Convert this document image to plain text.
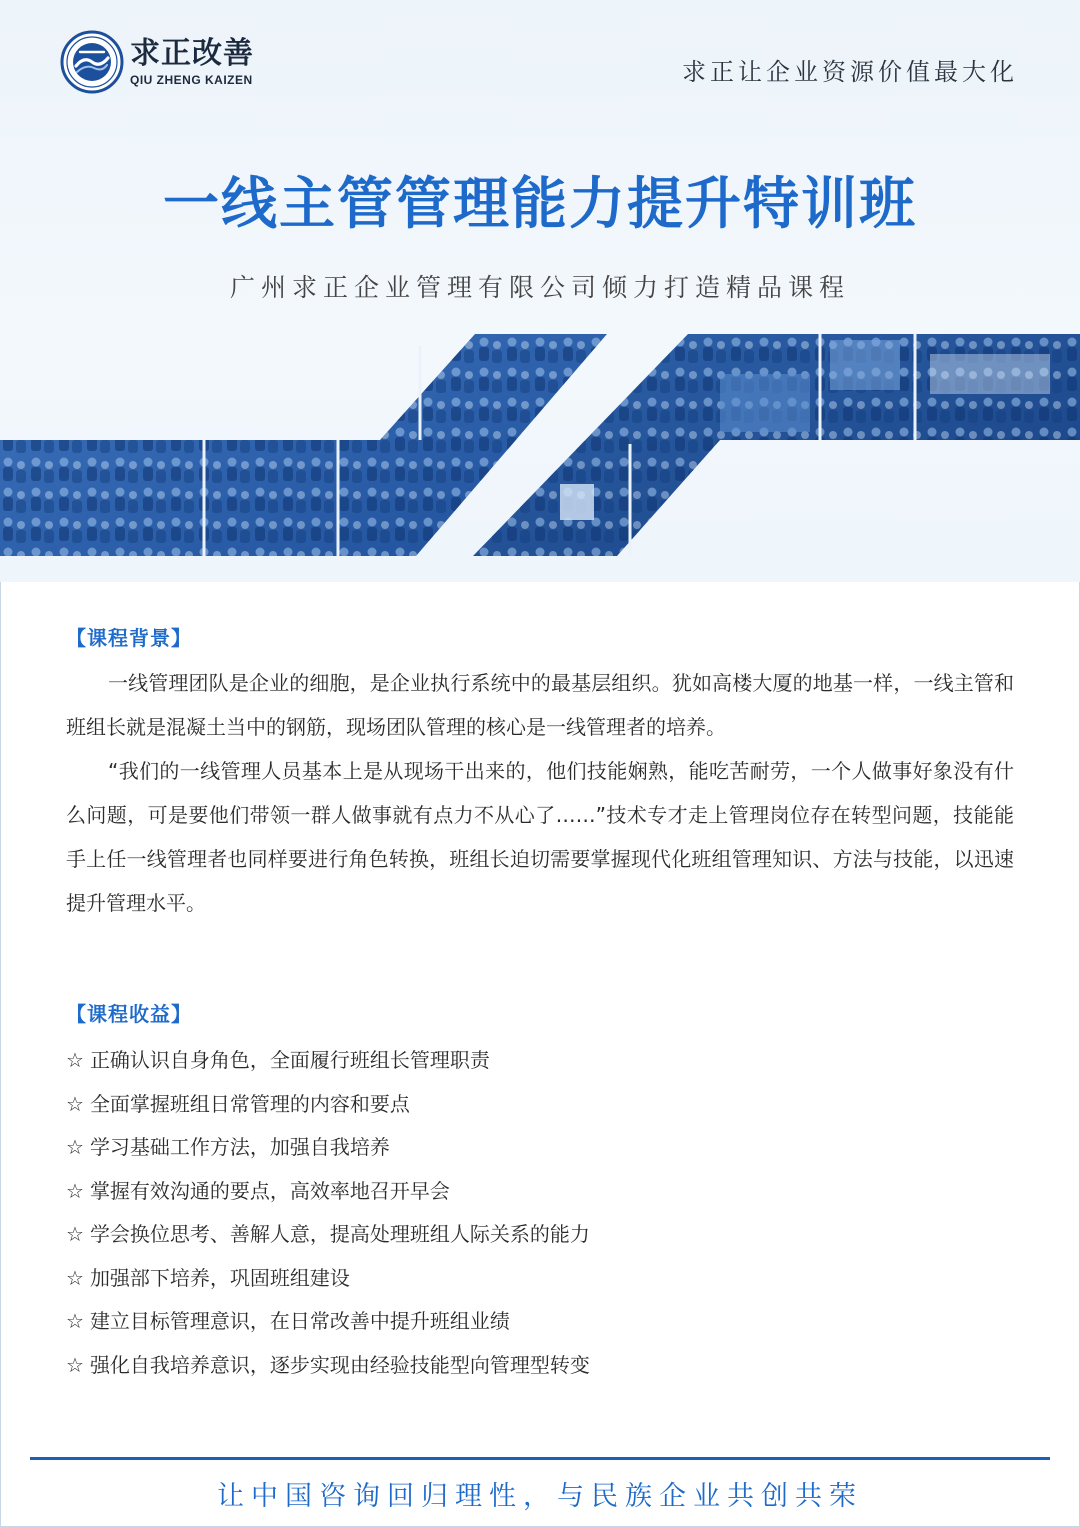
求正改善
QIU ZHENG KAIZEN	求正让企业资源价值最大化
一线主管管理能力提升特训班
广州求正企业管理有限公司倾力打造精品课程
【课程背景】

一线管理团队是企业的细胞，是企业执行系统中的最基层组织。犹如高楼大厦的地基一样，一线主管和班组长就是混凝土当中的钢筋，现场团队管理的核心是一线管理者的培养。

“我们的一线管理人员基本上是从现场干出来的，他们技能娴熟，能吃苦耐劳，一个人做事好象没有什么问题，可是要他们带领一群人做事就有点力不从心了……”技术专才走上管理岗位存在转型问题，技能能手上任一线管理者也同样要进行角色转换，班组长迫切需要掌握现代化班组管理知识、方法与技能，以迅速提升管理水平。

【课程收益】
☆ 正确认识自身角色，全面履行班组长管理职责
☆ 全面掌握班组日常管理的内容和要点
☆ 学习基础工作方法，加强自我培养
☆ 掌握有效沟通的要点，高效率地召开早会
☆ 学会换位思考、善解人意，提高处理班组人际关系的能力
☆ 加强部下培养，巩固班组建设
☆ 建立目标管理意识，在日常改善中提升班组业绩
☆ 强化自我培养意识，逐步实现由经验技能型向管理型转变
让中国咨询回归理性，与民族企业共创共荣
